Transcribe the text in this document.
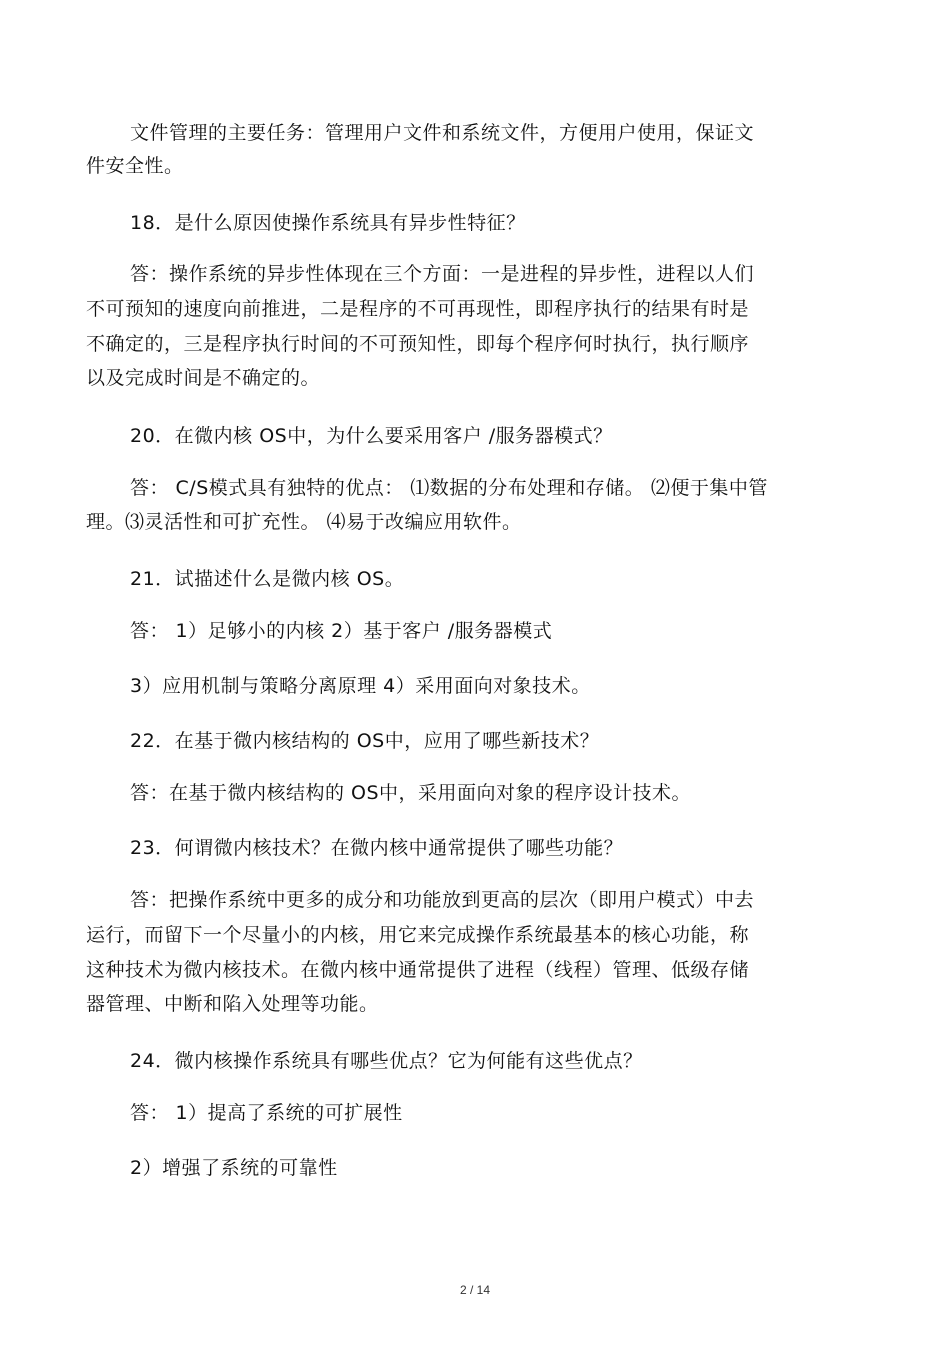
文件管理的主要任务：管理用户文件和系统文件，方便用户使用，保证文
件安全性。
18．是什么原因使操作系统具有异步性特征？
答：操作系统的异步性体现在三个方面：一是进程的异步性，进程以人们
不可预知的速度向前推进，二是程序的不可再现性，即程序执行的结果有时是
不确定的，三是程序执行时间的不可预知性，即每个程序何时执行，执行顺序
以及完成时间是不确定的。
20．在微内核 OS中，为什么要采用客户 /服务器模式？
答： C/S模式具有独特的优点： ⑴数据的分布处理和存储。 ⑵便于集中管
理。⑶灵活性和可扩充性。 ⑷易于改编应用软件。
21．试描述什么是微内核 OS。
答： 1）足够小的内核 2）基于客户 /服务器模式
3）应用机制与策略分离原理 4）采用面向对象技术。
22．在基于微内核结构的 OS中，应用了哪些新技术？
答：在基于微内核结构的 OS中，采用面向对象的程序设计技术。
23．何谓微内核技术？在微内核中通常提供了哪些功能？
答：把操作系统中更多的成分和功能放到更高的层次（即用户模式）中去
运行，而留下一个尽量小的内核，用它来完成操作系统最基本的核心功能，称
这种技术为微内核技术。在微内核中通常提供了进程（线程）管理、低级存储
器管理、中断和陷入处理等功能。
24．微内核操作系统具有哪些优点？它为何能有这些优点？
答： 1）提高了系统的可扩展性
2）增强了系统的可靠性
2 / 14
